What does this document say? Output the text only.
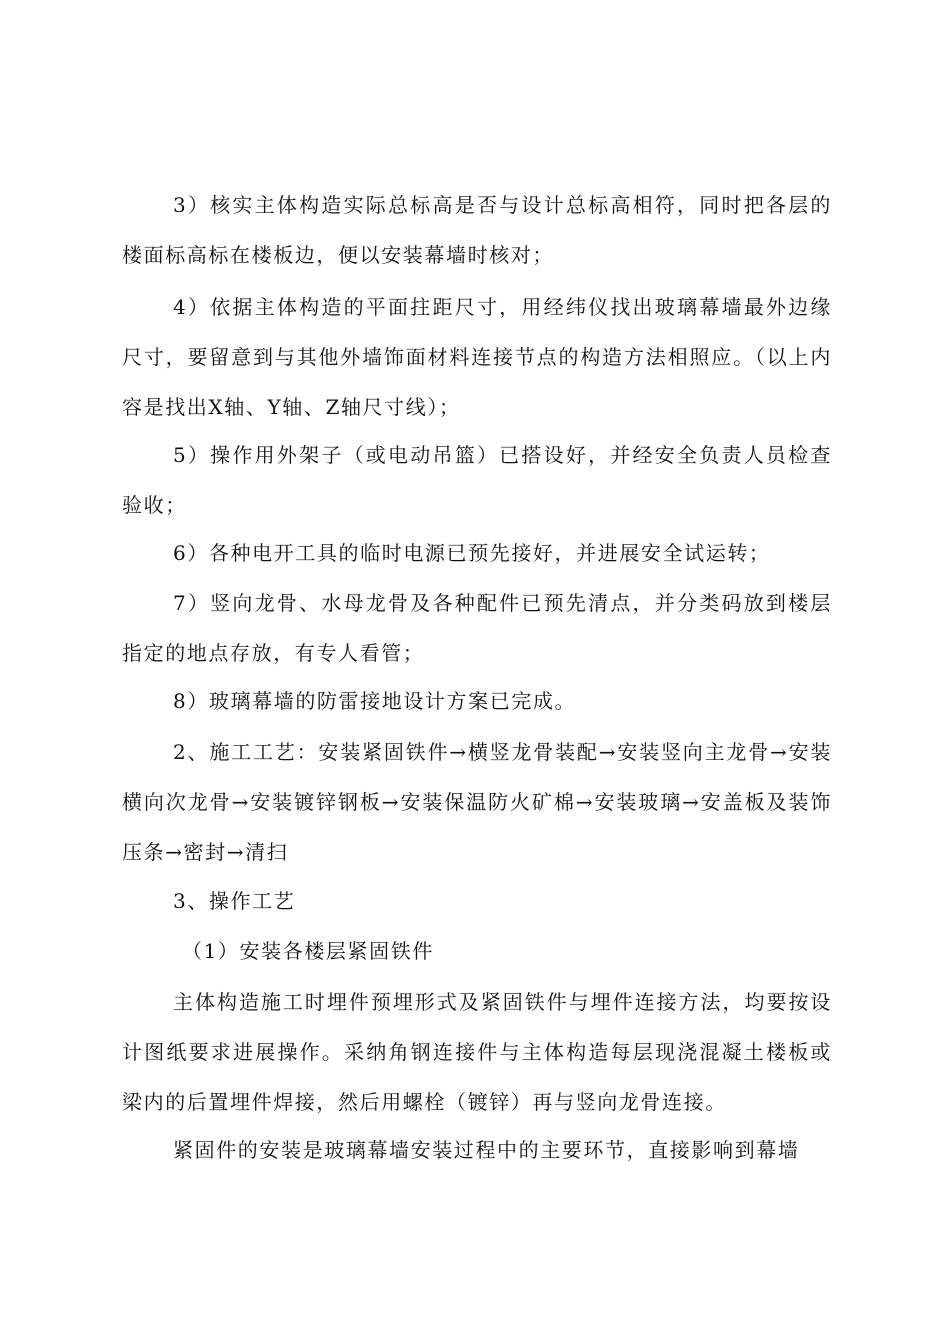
3）核实主体构造实际总标高是否与设计总标高相符，同时把各层的楼面标高标在楼板边，便以安装幕墙时核对；

4）依据主体构造的平面拄距尺寸，用经纬仪找出玻璃幕墙最外边缘尺寸，要留意到与其他外墙饰面材料连接节点的构造方法相照应。（以上内容是找出X轴、Y轴、Z轴尺寸线）；

5）操作用外架子（或电动吊篮）已搭设好，并经安全负责人员检查验收；

6）各种电开工具的临时电源已预先接好，并进展安全试运转；

7）竖向龙骨、水母龙骨及各种配件已预先清点，并分类码放到楼层指定的地点存放，有专人看管；

8）玻璃幕墙的防雷接地设计方案已完成。

2、施工工艺：安装紧固铁件→横竖龙骨装配→安装竖向主龙骨→安装横向次龙骨→安装镀锌钢板→安装保温防火矿棉→安装玻璃→安盖板及装饰压条→密封→清扫

3、操作工艺

（1）安装各楼层紧固铁件

主体构造施工时埋件预埋形式及紧固铁件与埋件连接方法，均要按设计图纸要求进展操作。采纳角钢连接件与主体构造每层现浇混凝土楼板或梁内的后置埋件焊接，然后用螺栓（镀锌）再与竖向龙骨连接。

紧固件的安装是玻璃幕墙安装过程中的主要环节，直接影响到幕墙
